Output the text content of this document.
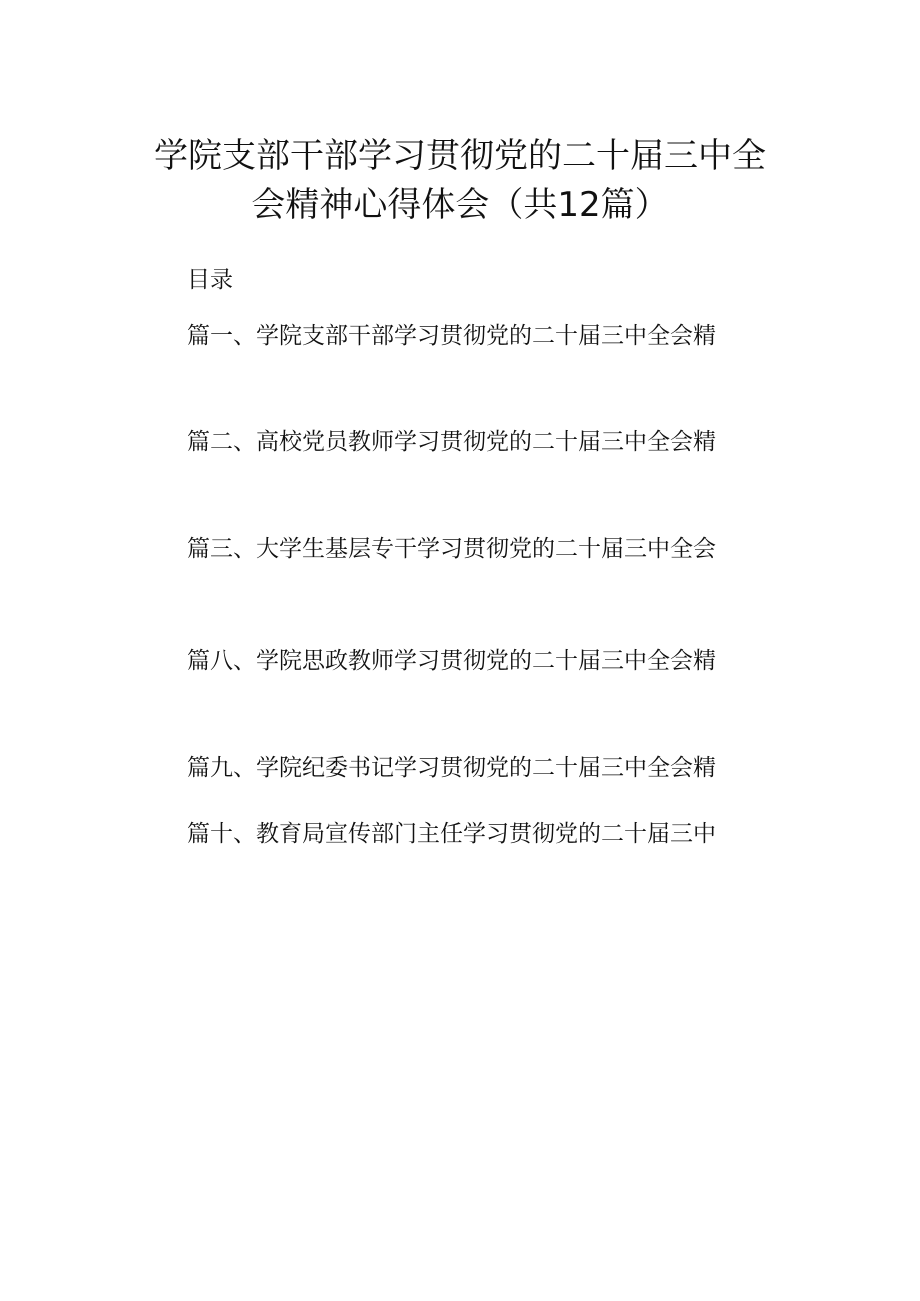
学院支部干部学习贯彻党的二十届三中全
会精神心得体会（共12篇）
目录
篇一、学院支部干部学习贯彻党的二十届三中全会精
篇二、高校党员教师学习贯彻党的二十届三中全会精
篇三、大学生基层专干学习贯彻党的二十届三中全会
篇八、学院思政教师学习贯彻党的二十届三中全会精
篇九、学院纪委书记学习贯彻党的二十届三中全会精
篇十、教育局宣传部门主任学习贯彻党的二十届三中
